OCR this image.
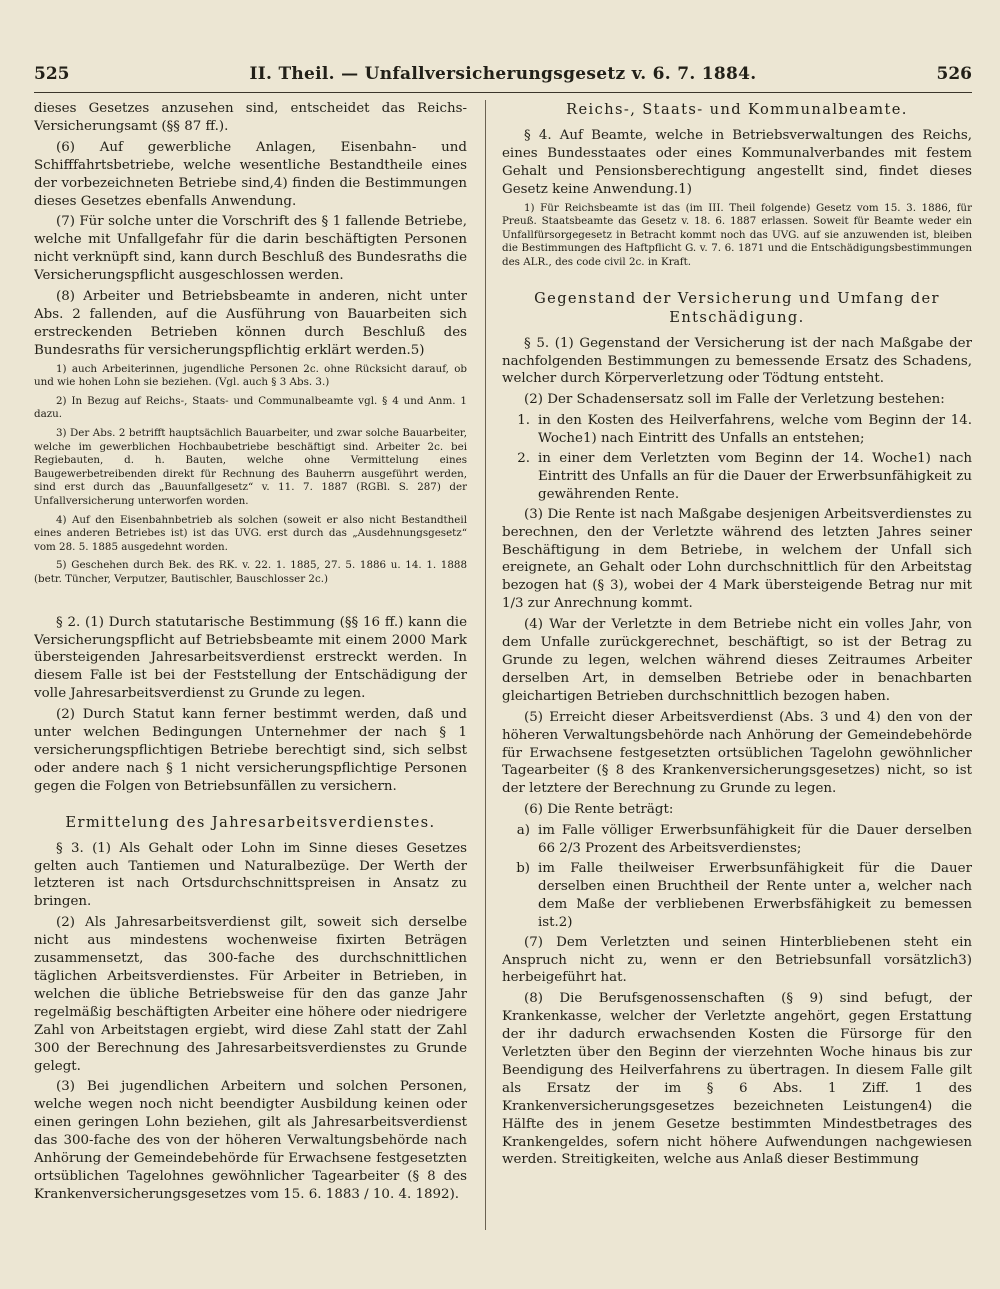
525	II. Theil. — Unfallversicherungsgesetz v. 6. 7. 1884.	526

dieses Gesetzes anzusehen sind, entscheidet das Reichs-Versicherungsamt (§§ 87 ff.).

(6) Auf gewerbliche Anlagen, Eisenbahn- und Schifffahrtsbetriebe, welche wesentliche Bestandtheile eines der vorbezeichneten Betriebe sind,4) finden die Bestimmungen dieses Gesetzes ebenfalls Anwendung.

(7) Für solche unter die Vorschrift des § 1 fallende Betriebe, welche mit Unfallgefahr für die darin beschäftigten Personen nicht verknüpft sind, kann durch Beschluß des Bundesraths die Versicherungspflicht ausgeschlossen werden.

(8) Arbeiter und Betriebsbeamte in anderen, nicht unter Abs. 2 fallenden, auf die Ausführung von Bauarbeiten sich erstreckenden Betrieben können durch Beschluß des Bundesraths für versicherungspflichtig erklärt werden.5)

1) auch Arbeiterinnen, jugendliche Personen 2c. ohne Rücksicht darauf, ob und wie hohen Lohn sie beziehen. (Vgl. auch § 3 Abs. 3.)

2) In Bezug auf Reichs-, Staats- und Communalbeamte vgl. § 4 und Anm. 1 dazu.

3) Der Abs. 2 betrifft hauptsächlich Bauarbeiter, und zwar solche Bauarbeiter, welche im gewerblichen Hochbaubetriebe beschäftigt sind. Arbeiter 2c. bei Regiebauten, d. h. Bauten, welche ohne Vermittelung eines Baugewerbetreibenden direkt für Rechnung des Bauherrn ausgeführt werden, sind erst durch das „Bauunfallgesetz“ v. 11. 7. 1887 (RGBl. S. 287) der Unfallversicherung unterworfen worden.

4) Auf den Eisenbahnbetrieb als solchen (soweit er also nicht Bestandtheil eines anderen Betriebes ist) ist das UVG. erst durch das „Ausdehnungsgesetz“ vom 28. 5. 1885 ausgedehnt worden.

5) Geschehen durch Bek. des RK. v. 22. 1. 1885, 27. 5. 1886 u. 14. 1. 1888 (betr. Tüncher, Verputzer, Bautischler, Bauschlosser 2c.)

§ 2. (1) Durch statutarische Bestimmung (§§ 16 ff.) kann die Versicherungspflicht auf Betriebsbeamte mit einem 2000 Mark übersteigenden Jahresarbeitsverdienst erstreckt werden. In diesem Falle ist bei der Feststellung der Entschädigung der volle Jahresarbeitsverdienst zu Grunde zu legen.

(2) Durch Statut kann ferner bestimmt werden, daß und unter welchen Bedingungen Unternehmer der nach § 1 versicherungspflichtigen Betriebe berechtigt sind, sich selbst oder andere nach § 1 nicht versicherungspflichtige Personen gegen die Folgen von Betriebsunfällen zu versichern.

Ermittelung des Jahresarbeitsverdienstes.

§ 3. (1) Als Gehalt oder Lohn im Sinne dieses Gesetzes gelten auch Tantiemen und Naturalbezüge. Der Werth der letzteren ist nach Ortsdurchschnittspreisen in Ansatz zu bringen.

(2) Als Jahresarbeitsverdienst gilt, soweit sich derselbe nicht aus mindestens wochenweise fixirten Beträgen zusammensetzt, das 300-fache des durchschnittlichen täglichen Arbeitsverdienstes. Für Arbeiter in Betrieben, in welchen die übliche Betriebsweise für den das ganze Jahr regelmäßig beschäftigten Arbeiter eine höhere oder niedrigere Zahl von Arbeitstagen ergiebt, wird diese Zahl statt der Zahl 300 der Berechnung des Jahresarbeitsverdienstes zu Grunde gelegt.

(3) Bei jugendlichen Arbeitern und solchen Personen, welche wegen noch nicht beendigter Ausbildung keinen oder einen geringen Lohn beziehen, gilt als Jahresarbeitsverdienst das 300-fache des von der höheren Verwaltungsbehörde nach Anhörung der Gemeindebehörde für Erwachsene festgesetzten ortsüblichen Tagelohnes gewöhnlicher Tagearbeiter (§ 8 des Krankenversicherungsgesetzes vom 15. 6. 1883 / 10. 4. 1892).

Reichs-, Staats- und Kommunalbeamte.

§ 4. Auf Beamte, welche in Betriebsverwaltungen des Reichs, eines Bundesstaates oder eines Kommunalverbandes mit festem Gehalt und Pensionsberechtigung angestellt sind, findet dieses Gesetz keine Anwendung.1)

1) Für Reichsbeamte ist das (im III. Theil folgende) Gesetz vom 15. 3. 1886, für Preuß. Staatsbeamte das Gesetz v. 18. 6. 1887 erlassen. Soweit für Beamte weder ein Unfallfürsorgegesetz in Betracht kommt noch das UVG. auf sie anzuwenden ist, bleiben die Bestimmungen des Haftpflicht G. v. 7. 6. 1871 und die Entschädigungsbestimmungen des ALR., des code civil 2c. in Kraft.

Gegenstand der Versicherung und Umfang der Entschädigung.

§ 5. (1) Gegenstand der Versicherung ist der nach Maßgabe der nachfolgenden Bestimmungen zu bemessende Ersatz des Schadens, welcher durch Körperverletzung oder Tödtung entsteht.

(2) Der Schadensersatz soll im Falle der Verletzung bestehen:

1. in den Kosten des Heilverfahrens, welche vom Beginn der 14. Woche1) nach Eintritt des Unfalls an entstehen;
2. in einer dem Verletzten vom Beginn der 14. Woche1) nach Eintritt des Unfalls an für die Dauer der Erwerbsunfähigkeit zu gewährenden Rente.

(3) Die Rente ist nach Maßgabe desjenigen Arbeitsverdienstes zu berechnen, den der Verletzte während des letzten Jahres seiner Beschäftigung in dem Betriebe, in welchem der Unfall sich ereignete, an Gehalt oder Lohn durchschnittlich für den Arbeitstag bezogen hat (§ 3), wobei der 4 Mark übersteigende Betrag nur mit 1/3 zur Anrechnung kommt.

(4) War der Verletzte in dem Betriebe nicht ein volles Jahr, von dem Unfalle zurückgerechnet, beschäftigt, so ist der Betrag zu Grunde zu legen, welchen während dieses Zeitraumes Arbeiter derselben Art, in demselben Betriebe oder in benachbarten gleichartigen Betrieben durchschnittlich bezogen haben.

(5) Erreicht dieser Arbeitsverdienst (Abs. 3 und 4) den von der höheren Verwaltungsbehörde nach Anhörung der Gemeindebehörde für Erwachsene festgesetzten ortsüblichen Tagelohn gewöhnlicher Tagearbeiter (§ 8 des Krankenversicherungsgesetzes) nicht, so ist der letztere der Berechnung zu Grunde zu legen.

(6) Die Rente beträgt:

a) im Falle völliger Erwerbsunfähigkeit für die Dauer derselben 66 2/3 Prozent des Arbeitsverdienstes;
b) im Falle theilweiser Erwerbsunfähigkeit für die Dauer derselben einen Bruchtheil der Rente unter a, welcher nach dem Maße der verbliebenen Erwerbsfähigkeit zu bemessen ist.2)

(7) Dem Verletzten und seinen Hinterbliebenen steht ein Anspruch nicht zu, wenn er den Betriebsunfall vorsätzlich3) herbeigeführt hat.

(8) Die Berufsgenossenschaften (§ 9) sind befugt, der Krankenkasse, welcher der Verletzte angehört, gegen Erstattung der ihr dadurch erwachsenden Kosten die Fürsorge für den Verletzten über den Beginn der vierzehnten Woche hinaus bis zur Beendigung des Heilverfahrens zu übertragen. In diesem Falle gilt als Ersatz der im § 6 Abs. 1 Ziff. 1 des Krankenversicherungsgesetzes bezeichneten Leistungen4) die Hälfte des in jenem Gesetze bestimmten Mindestbetrages des Krankengeldes, sofern nicht höhere Aufwendungen nachgewiesen werden. Streitigkeiten, welche aus Anlaß dieser Bestimmung
